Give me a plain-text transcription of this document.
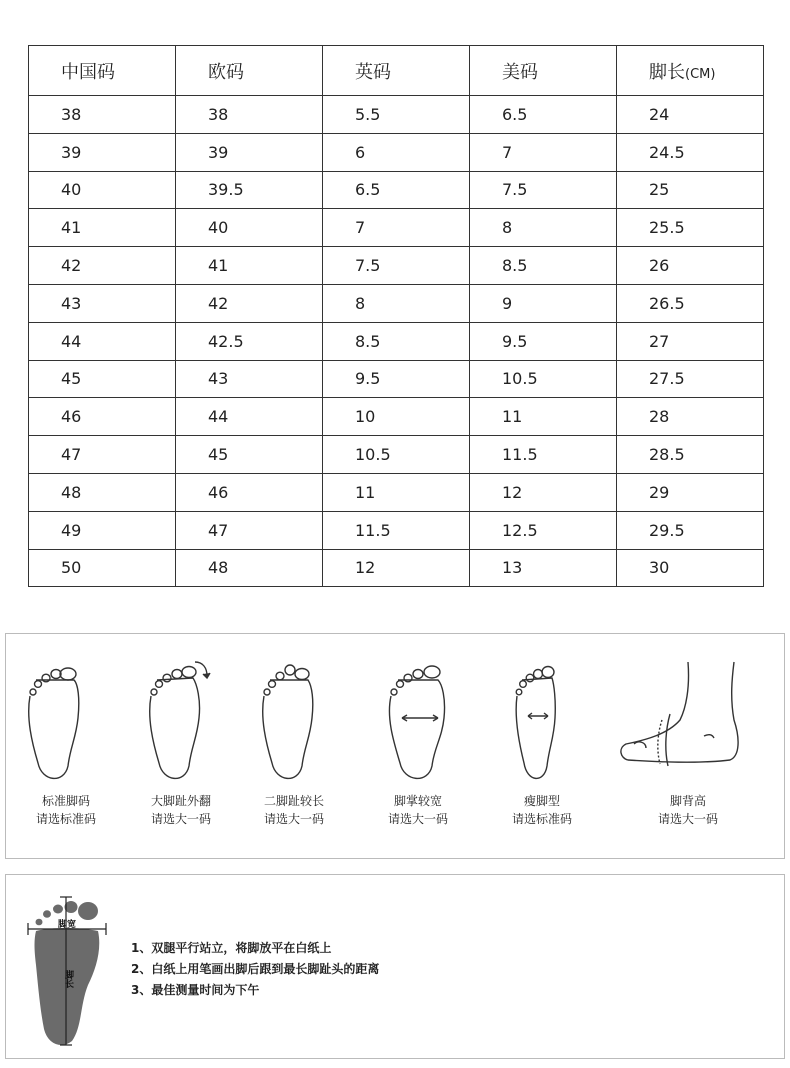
中国码	欧码	英码	美码	脚长(CM)
38	38	5.5	6.5	24
39	39	6	7	24.5
40	39.5	6.5	7.5	25
41	40	7	8	25.5
42	41	7.5	8.5	26
43	42	8	9	26.5
44	42.5	8.5	9.5	27
45	43	9.5	10.5	27.5
46	44	10	11	28
47	45	10.5	11.5	28.5
48	46	11	12	29
49	47	11.5	12.5	29.5
50	48	12	13	30
标准脚码
请选标准码
大脚趾外翻
请选大一码
二脚趾较长
请选大一码
脚掌较宽
请选大一码
瘦脚型
请选标准码
脚背高
请选大一码
脚宽
脚长
1、双腿平行站立，将脚放平在白纸上
2、白纸上用笔画出脚后跟到最长脚趾头的距离
3、最佳测量时间为下午
